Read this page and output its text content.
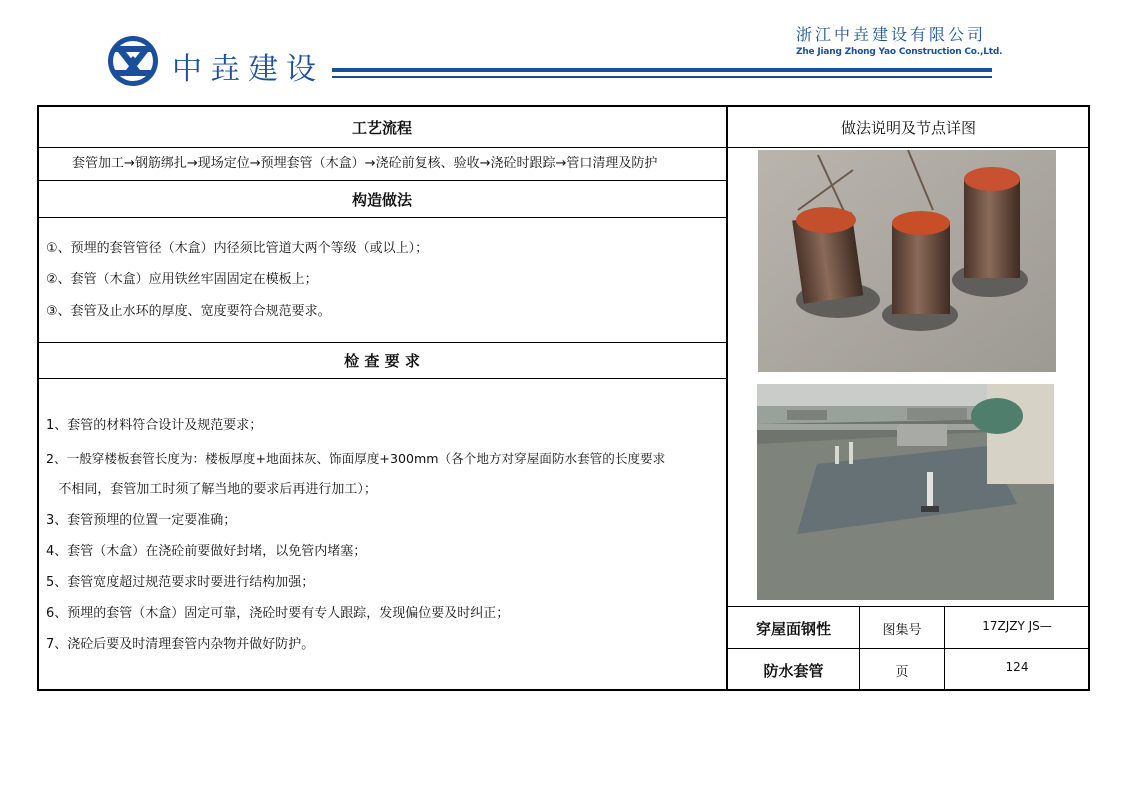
中垚建设
浙江中垚建设有限公司
Zhe Jiang Zhong Yao Construction Co.,Ltd.
工艺流程
套管加工→钢筋绑扎→现场定位→预埋套管（木盒）→浇砼前复核、验收→浇砼时跟踪→管口清理及防护
构造做法
①、预埋的套管管径（木盒）内径须比管道大两个等级（或以上）；
②、套管（木盒）应用铁丝牢固固定在模板上；
③、套管及止水环的厚度、宽度要符合规范要求。
检 查 要 求
1、套管的材料符合设计及规范要求；
2、一般穿楼板套管长度为：楼板厚度+地面抹灰、饰面厚度+300mm（各个地方对穿屋面防水套管的长度要求
不相同，套管加工时须了解当地的要求后再进行加工）；
3、套管预埋的位置一定要准确；
4、套管（木盒）在浇砼前要做好封堵，以免管内堵塞；
5、套管宽度超过规范要求时要进行结构加强；
6、预埋的套管（木盒）固定可靠，浇砼时要有专人跟踪，发现偏位要及时纠正；
7、浇砼后要及时清理套管内杂物并做好防护。
做法说明及节点详图
穿屋面钢性
防水套管
图集号	17ZJZY JS—
页	124
